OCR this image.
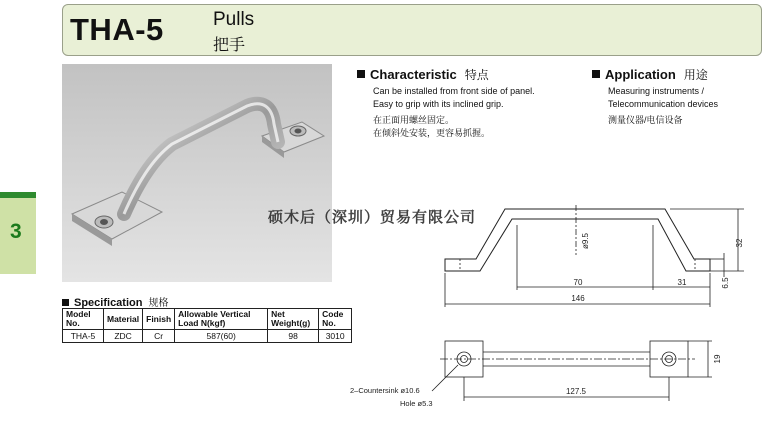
THA-5	Pulls
把手
3
Characteristic 特点
Can be installed from front side of panel.
Easy to grip with its inclined grip.
在正面用螺丝固定。
在倾斜处安装，更容易抓握。
Application 用途
Measuring instruments /
Telecommunication devices
测量仪器/电信设备
Specification 规格
Model No.	Material	Finish	Allowable Vertical Load N(kgf)	Net Weight(g)	Code No.
THA-5	ZDC	Cr	587(60)	98	3010
32
6.5
ø9.5
70	31
146
19
127.5
2–Countersink ø10.6
Hole ø5.3
硕木后（深圳）贸易有限公司
